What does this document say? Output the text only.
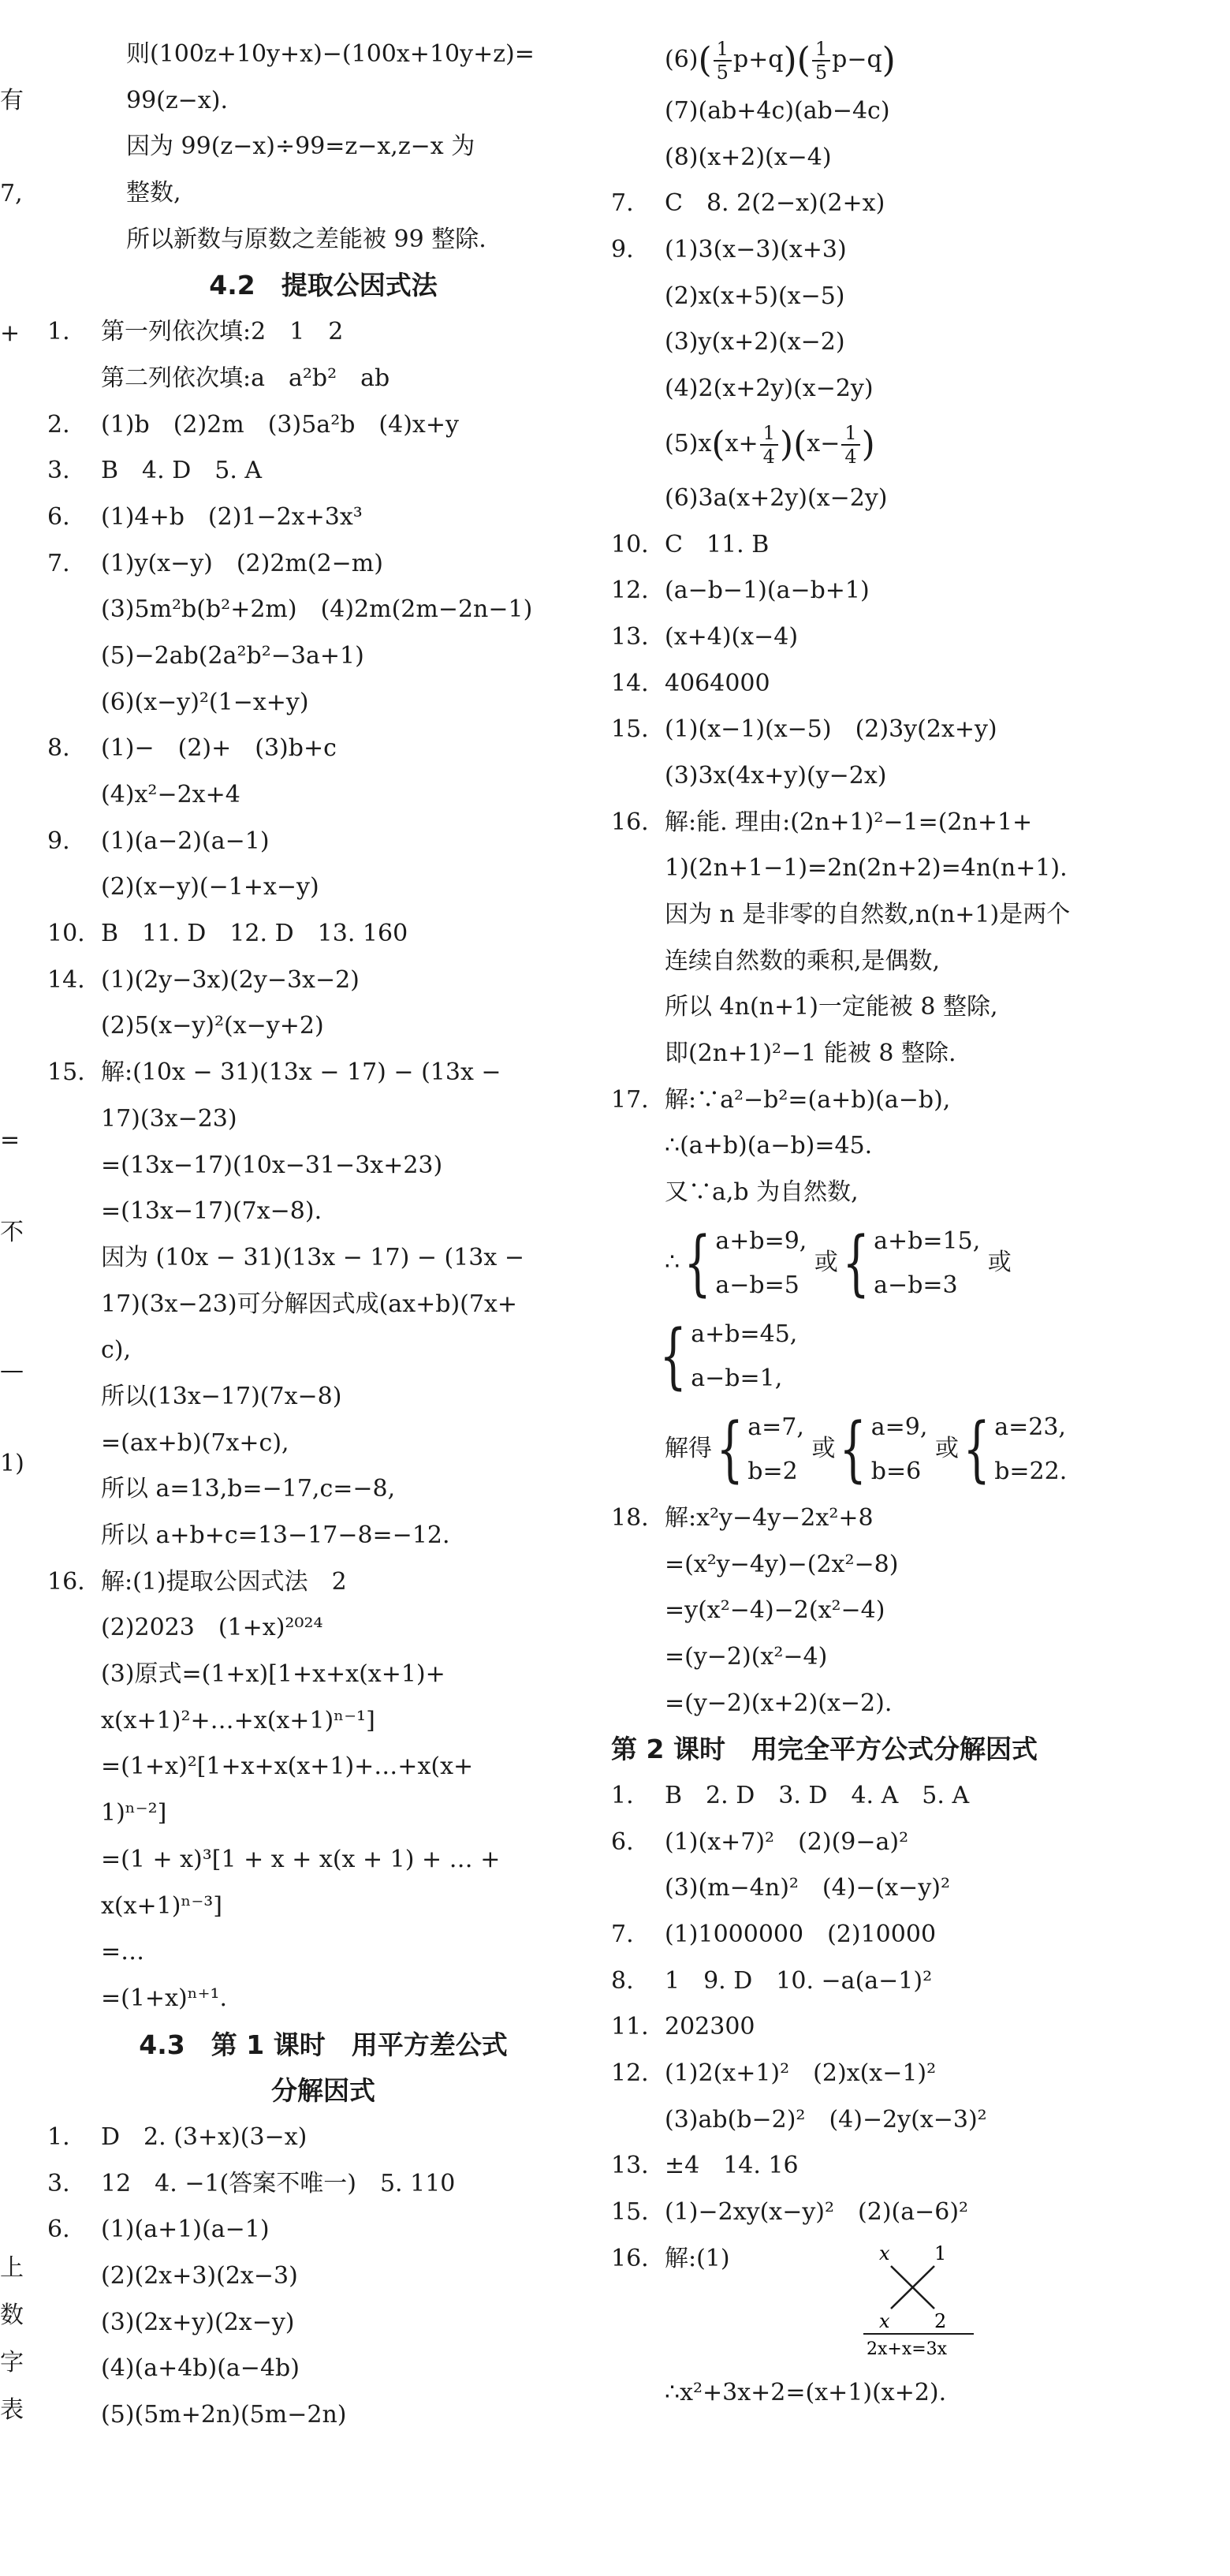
有
7,
+
=
不
—
1)
上
数
字
表
则(100z+10y+x)−(100x+10y+z)=
99(z−x).
因为 99(z−x)÷99=z−x,z−x 为
整数,
所以新数与原数之差能被 99 整除.
4.2　提取公因式法
1. 第一列依次填:2　1　2
第二列依次填:a　a²b²　ab
2. (1)b　(2)2m　(3)5a²b　(4)x+y
3. B　4. D　5. A
6. (1)4+b　(2)1−2x+3x³
7. (1)y(x−y)　(2)2m(2−m)
(3)5m²b(b²+2m)　(4)2m(2m−2n−1)
(5)−2ab(2a²b²−3a+1)
(6)(x−y)²(1−x+y)
8. (1)−　(2)+　(3)b+c
(4)x²−2x+4
9. (1)(a−2)(a−1)
(2)(x−y)(−1+x−y)
10. B　11. D　12. D　13. 160
14. (1)(2y−3x)(2y−3x−2)
(2)5(x−y)²(x−y+2)
15. 解:(10x − 31)(13x − 17) − (13x −
17)(3x−23)
=(13x−17)(10x−31−3x+23)
=(13x−17)(7x−8).
因为 (10x − 31)(13x − 17) − (13x −
17)(3x−23)可分解因式成(ax+b)(7x+
c),
所以(13x−17)(7x−8)
=(ax+b)(7x+c),
所以 a=13,b=−17,c=−8,
所以 a+b+c=13−17−8=−12.
16. 解:(1)提取公因式法　2
(2)2023　(1+x)²⁰²⁴
(3)原式=(1+x)[1+x+x(x+1)+
x(x+1)²+…+x(x+1)ⁿ⁻¹]
=(1+x)²[1+x+x(x+1)+…+x(x+
1)ⁿ⁻²]
=(1 + x)³[1 + x + x(x + 1) + … +
x(x+1)ⁿ⁻³]
=…
=(1+x)ⁿ⁺¹.
4.3　第 1 课时　用平方差公式
分解因式
1. D　2. (3+x)(3−x)
3. 12　4. −1(答案不唯一)　5. 110
6. (1)(a+1)(a−1)
(2)(2x+3)(2x−3)
(3)(2x+y)(2x−y)
(4)(a+4b)(a−4b)
(5)(5m+2n)(5m−2n)
$(6)( \frac{1}{5} p+q)( \frac{1}{5} p-q)$
(7)(ab+4c)(ab−4c)
(8)(x+2)(x−4)
7. C　8. 2(2−x)(2+x)
9. (1)3(x−3)(x+3)
(2)x(x+5)(x−5)
(3)y(x+2)(x−2)
(4)2(x+2y)(x−2y)
$(5)x(x+ \frac{1}{4} )(x- \frac{1}{4}$ )
(6)3a(x+2y)(x−2y)
10. C　11. B
12. (a−b−1)(a−b+1)
13. (x+4)(x−4)
14. 4064000
15. (1)(x−1)(x−5)　(2)3y(2x+y)
(3)3x(4x+y)(y−2x)
16. 解:能. 理由:(2n+1)²−1=(2n+1+
1)(2n+1−1)=2n(2n+2)=4n(n+1).
因为 n 是非零的自然数,n(n+1)是两个
连续自然数的乘积,是偶数,
所以 4n(n+1)一定能被 8 整除,
即(2n+1)²−1 能被 8 整除.
17. 解:∵a²−b²=(a+b)(a−b),
∴(a+b)(a−b)=45.
又∵a,b 为自然数,
∴{ a+b=9,
a−b=5
或{ a+b=15,
a−b=3
或
{ a+b=45,
a−b=1,
解得{ a=7,
b=2
或{ a=9,
b=6
或{ a=23,
b=22.
18. 解:x²y−4y−2x²+8
=(x²y−4y)−(2x²−8)
=y(x²−4)−2(x²−4)
=(y−2)(x²−4)
=(y−2)(x+2)(x−2).
第 2 课时　用完全平方公式分解因式
1. B　2. D　3. D　4. A　5. A
6. (1)(x+7)²　(2)(9−a)²
(3)(m−4n)²　(4)−(x−y)²
7. (1)1000000　(2)10000
8. 1　9. D　10. −a(a−1)²
11. 202300
12. (1)2(x+1)²　(2)x(x−1)²
(3)ab(b−2)²　(4)−2y(x−3)²
13. ±4　14. 16
15. (1)−2xy(x−y)²　(2)(a−6)²
16. 解:(1)	x 1
x 2
2x+x=3x
∴x²+3x+2=(x+1)(x+2).
